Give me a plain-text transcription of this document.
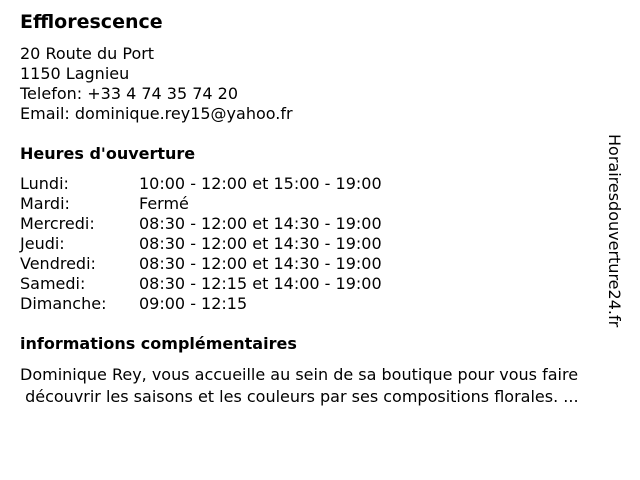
Efflorescence
20 Route du Port
1150 Lagnieu
Telefon: +33 4 74 35 74 20
Email: dominique.rey15@yahoo.fr
Heures d'ouverture
Lundi:	10:00 - 12:00 et 15:00 - 19:00
Mardi:	Fermé
Mercredi:	08:30 - 12:00 et 14:30 - 19:00
Jeudi:	08:30 - 12:00 et 14:30 - 19:00
Vendredi:	08:30 - 12:00 et 14:30 - 19:00
Samedi:	08:30 - 12:15 et 14:00 - 19:00
Dimanche: 09:00 - 12:15
informations complémentaires
Dominique Rey, vous accueille au sein de sa boutique pour vous faire
découvrir les saisons et les couleurs par ses compositions florales. ...
Horairesdouverture24.fr
